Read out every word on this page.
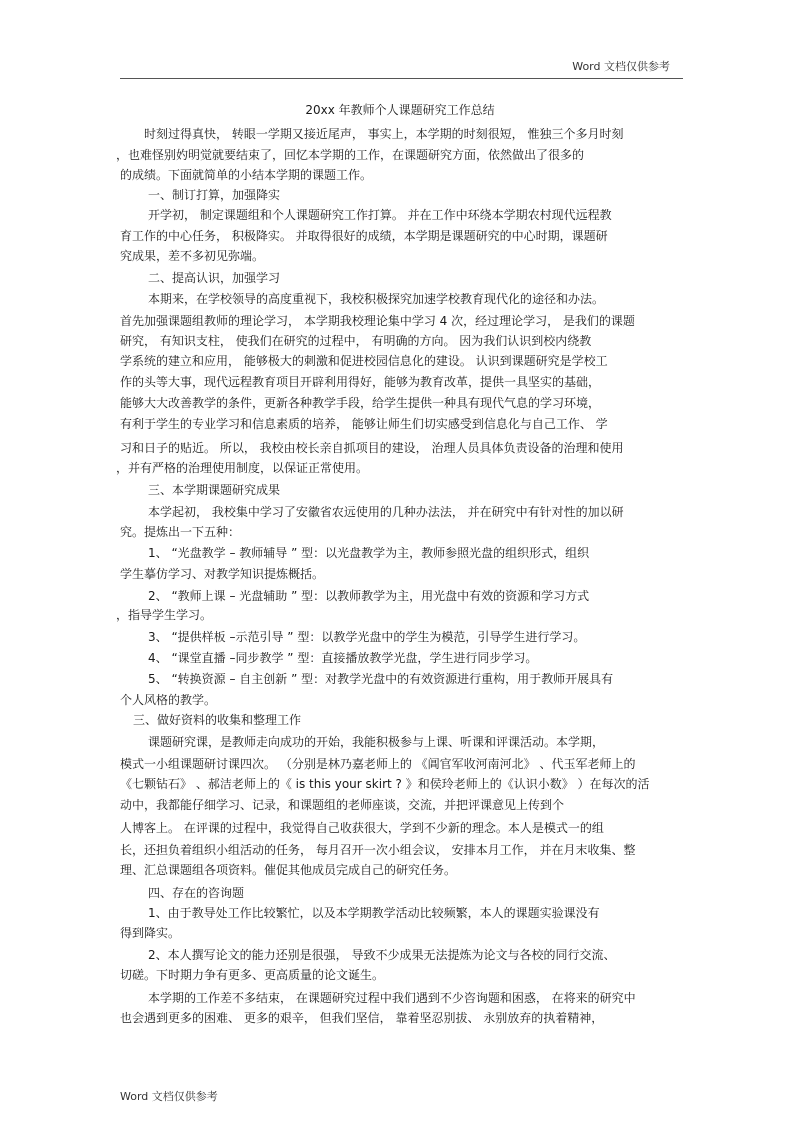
Word 文档仅供参考
20xx 年教师个人课题研究工作总结
时刻过得真快， 转眼一学期又接近尾声， 事实上，本学期的时刻很短， 惟独三个多月时刻
，也难怪别妁明觉就要结束了，回忆本学期的工作，在课题研究方面，依然做出了很多的
的成绩。下面就简单的小结本学期的课题工作。
一、制订打算，加强降实
开学初， 制定课题组和个人课题研究工作打算。 并在工作中环绕本学期农村现代远程教
育工作的中心任务， 积极降实。 并取得很好的成绩，本学期是课题研究的中心时期，课题研
究成果，差不多初见弥端。
二、提高认识，加强学习
本期来，在学校领导的高度重视下，我校积极探究加速学校教育现代化的途径和办法。
首先加强课题组教师的理论学习， 本学期我校理论集中学习 4 次，经过理论学习， 是我们的课题
研究， 有知识支柱， 使我们在研究的过程中， 有明确的方向。 因为我们认识到校内绕教
学系统的建立和应用， 能够极大的刺激和促进校园信息化的建设。 认识到课题研究是学校工
作的头等大事，现代远程教育项目开辟利用得好，能够为教育改革，提供一具坚实的基础，
能够大大改善教学的条件，更新各种教学手段，给学生提供一种具有现代气息的学习环境，
有利于学生的专业学习和信息素质的培养， 能够让师生们切实感受到信息化与自己工作、 学
习和日子的贴近。 所以， 我校由校长亲自抓项目的建设， 治理人员具体负责设备的治理和使用
，并有严格的治理使用制度，以保证正常使用。
三、本学期课题研究成果
本学起初， 我校集中学习了安徽省农远使用的几种办法法， 并在研究中有针对性的加以研
究。提炼出一下五种：
1、 “光盘教学 – 教师辅导 ” 型：以光盘教学为主，教师参照光盘的组织形式，组织
学生摹仿学习、对教学知识提炼概括。
2、 “教师上课 – 光盘辅助 ” 型：以教师教学为主，用光盘中有效的资源和学习方式
，指导学生学习。
3、 “提供样板 –示范引导 ” 型：以教学光盘中的学生为模范，引导学生进行学习。
4、 “课堂直播 –同步教学 ” 型：直接播放教学光盘，学生进行同步学习。
5、 “转换资源 – 自主创新 ” 型：对教学光盘中的有效资源进行重构，用于教师开展具有
个人风格的教学。
三、做好资料的收集和整理工作
课题研究课，是教师走向成功的开始，我能积极参与上课、听课和评课活动。本学期，
模式一小组课题研讨课四次。 （分别是林乃嘉老师上的 《阊官军收河南河北》 、代玉军老师上的
《七颗钻石》 、郝洁老师上的《 is this your skirt ? 》和侯玲老师上的《认识小数》 ）在每次的活
动中，我都能仔细学习、记录，和课题组的老师座谈，交流，并把评课意见上传到个
人博客上。 在评课的过程中，我觉得自己收获很大，学到不少新的理念。本人是模式一的组
长，还担负着组织小组活动的任务， 每月召开一次小组会议， 安排本月工作， 并在月末收集、整
理、汇总课题组各项资料。催促其他成员完成自己的研究任务。
四、存在的咨询题
1、由于教导处工作比较繁忙，以及本学期教学活动比较频繁，本人的课题实验课没有
得到降实。
2、本人撰写论文的能力还别是很强， 导致不少成果无法提炼为论文与各校的同行交流、
切磋。下时期力争有更多、更高质量的论文诞生。
本学期的工作差不多结束， 在课题研究过程中我们遇到不少咨询题和困惑， 在将来的研究中
也会遇到更多的困难、 更多的艰辛， 但我们坚信， 靠着坚忍别拔、 永别放弃的执着精神，
Word 文档仅供参考
